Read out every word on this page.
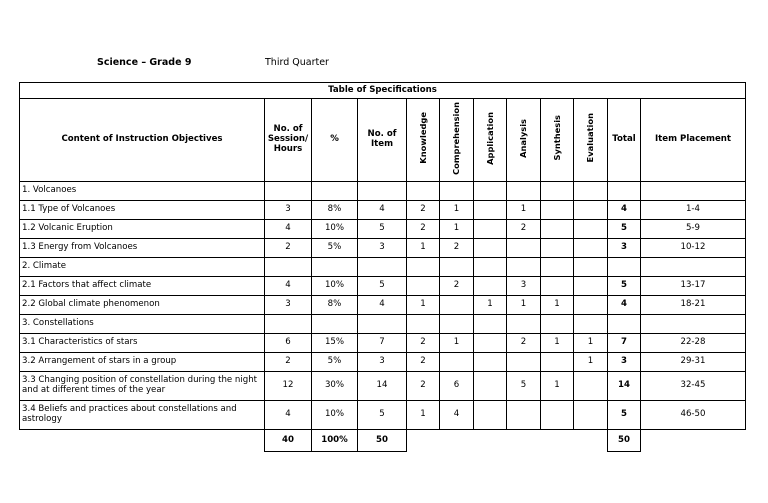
Science – Grade 9	Third Quarter
Table of Specifications											
Content of Instruction Objectives	No. of Session/ Hours	%	No. of Item	Knowledge	Comprehension	Application	Analysis	Synthesis	Evaluation	Total	Item Placement
1. Volcanoes											
1.1 Type of Volcanoes	3	8%	4	2	1		1			4	1-4
1.2 Volcanic Eruption	4	10%	5	2	1		2			5	5-9
1.3 Energy from Volcanoes	2	5%	3	1	2					3	10-12
2. Climate											
2.1 Factors that affect climate	4	10%	5		2		3			5	13-17
2.2 Global climate phenomenon	3	8%	4	1		1	1	1		4	18-21
3. Constellations											
3.1 Characteristics of stars	6	15%	7	2	1		2	1	1	7	22-28
3.2 Arrangement of stars in a group	2	5%	3	2					1	3	29-31
3.3 Changing position of constellation during the night and at different times of the year	12	30%	14	2	6		5	1		14	32-45
3.4 Beliefs and practices about constellations and astrology	4	10%	5	1	4					5	46-50
	40	100%	50							50	
